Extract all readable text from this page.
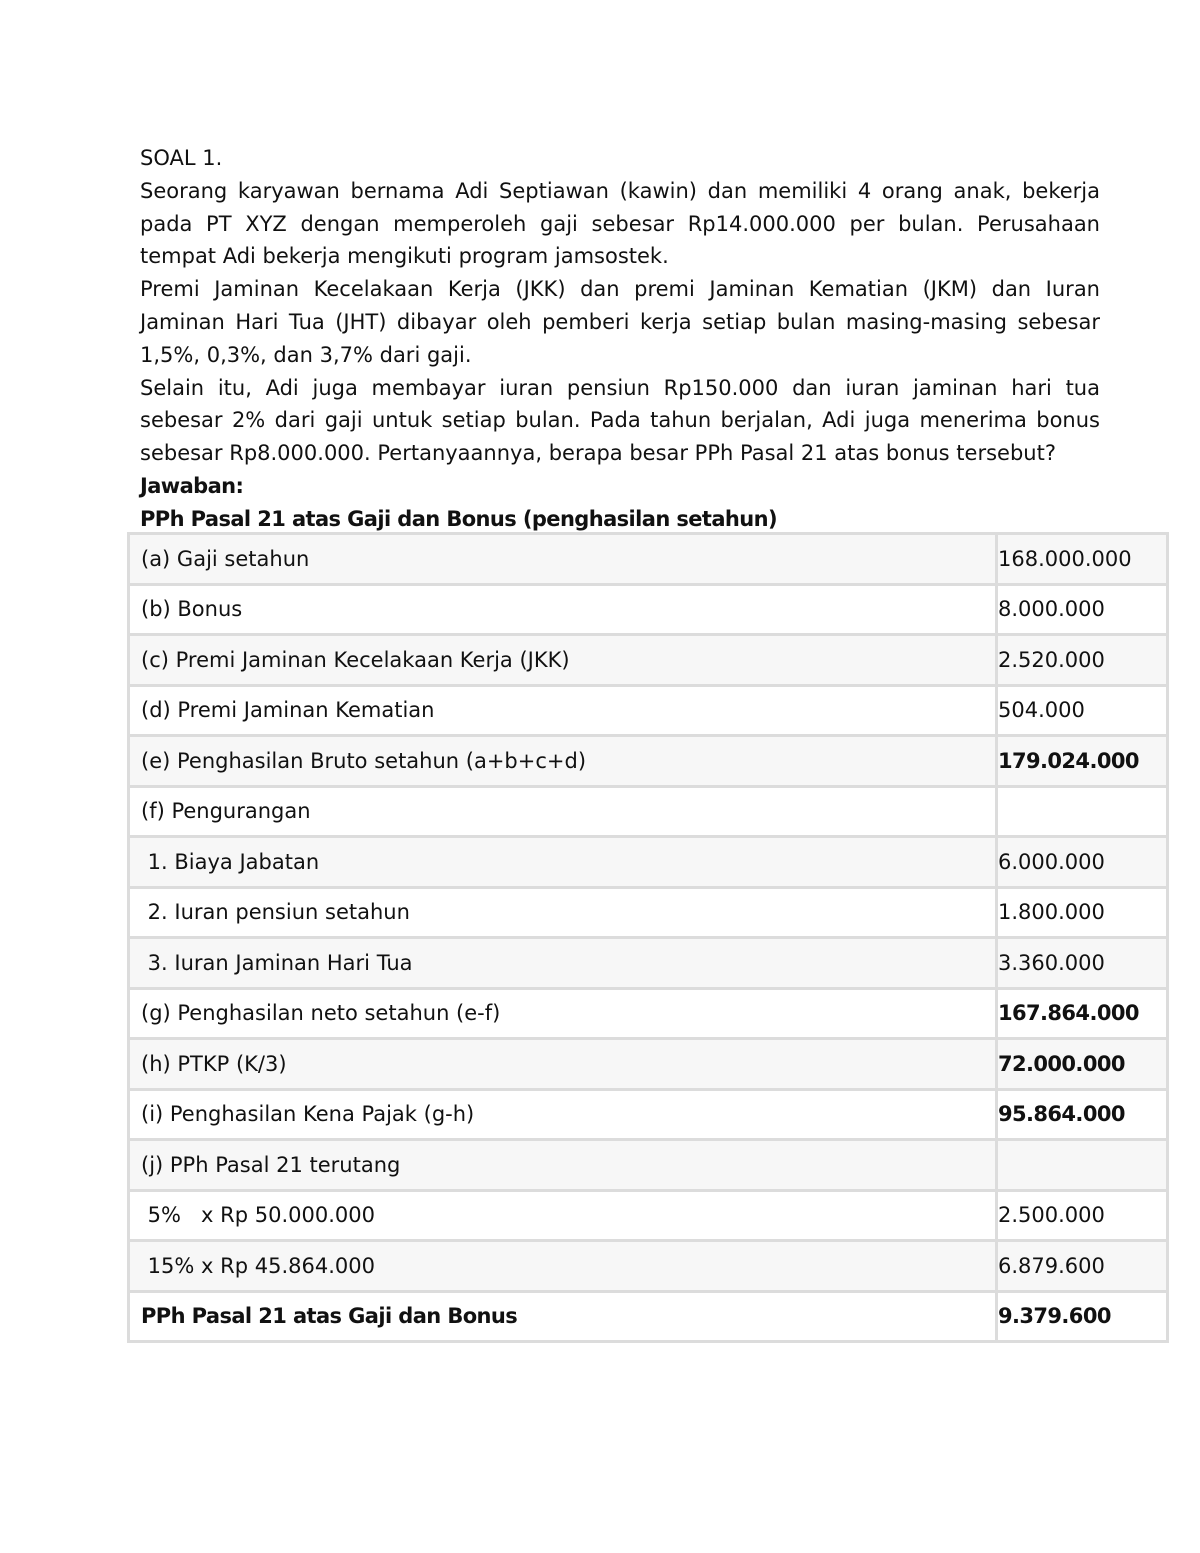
SOAL 1.

Seorang karyawan bernama Adi Septiawan (kawin) dan memiliki 4 orang anak, bekerja pada PT XYZ dengan memperoleh gaji sebesar Rp14.000.000 per bulan. Perusahaan tempat Adi bekerja mengikuti program jamsostek.

Premi Jaminan Kecelakaan Kerja (JKK) dan premi Jaminan Kematian (JKM) dan Iuran Jaminan Hari Tua (JHT) dibayar oleh pemberi kerja setiap bulan masing-masing sebesar 1,5%, 0,3%, dan 3,7% dari gaji.

Selain itu, Adi juga membayar iuran pensiun Rp150.000 dan iuran jaminan hari tua sebesar 2% dari gaji untuk setiap bulan. Pada tahun berjalan, Adi juga menerima bonus sebesar Rp8.000.000. Pertanyaannya, berapa besar PPh Pasal 21 atas bonus tersebut?

Jawaban:

PPh Pasal 21 atas Gaji dan Bonus (penghasilan setahun)

(a) Gaji setahun	168.000.000
(b) Bonus	8.000.000
(c) Premi Jaminan Kecelakaan Kerja (JKK)	2.520.000
(d) Premi Jaminan Kematian	504.000
(e) Penghasilan Bruto setahun (a+b+c+d)	179.024.000
(f) Pengurangan	
1. Biaya Jabatan	6.000.000
2. Iuran pensiun setahun	1.800.000
3. Iuran Jaminan Hari Tua	3.360.000
(g) Penghasilan neto setahun (e-f)	167.864.000
(h) PTKP (K/3)	72.000.000
(i) Penghasilan Kena Pajak (g-h)	95.864.000
(j) PPh Pasal 21 terutang	
5%   x Rp 50.000.000	2.500.000
15% x Rp 45.864.000	6.879.600
PPh Pasal 21 atas Gaji dan Bonus	9.379.600
